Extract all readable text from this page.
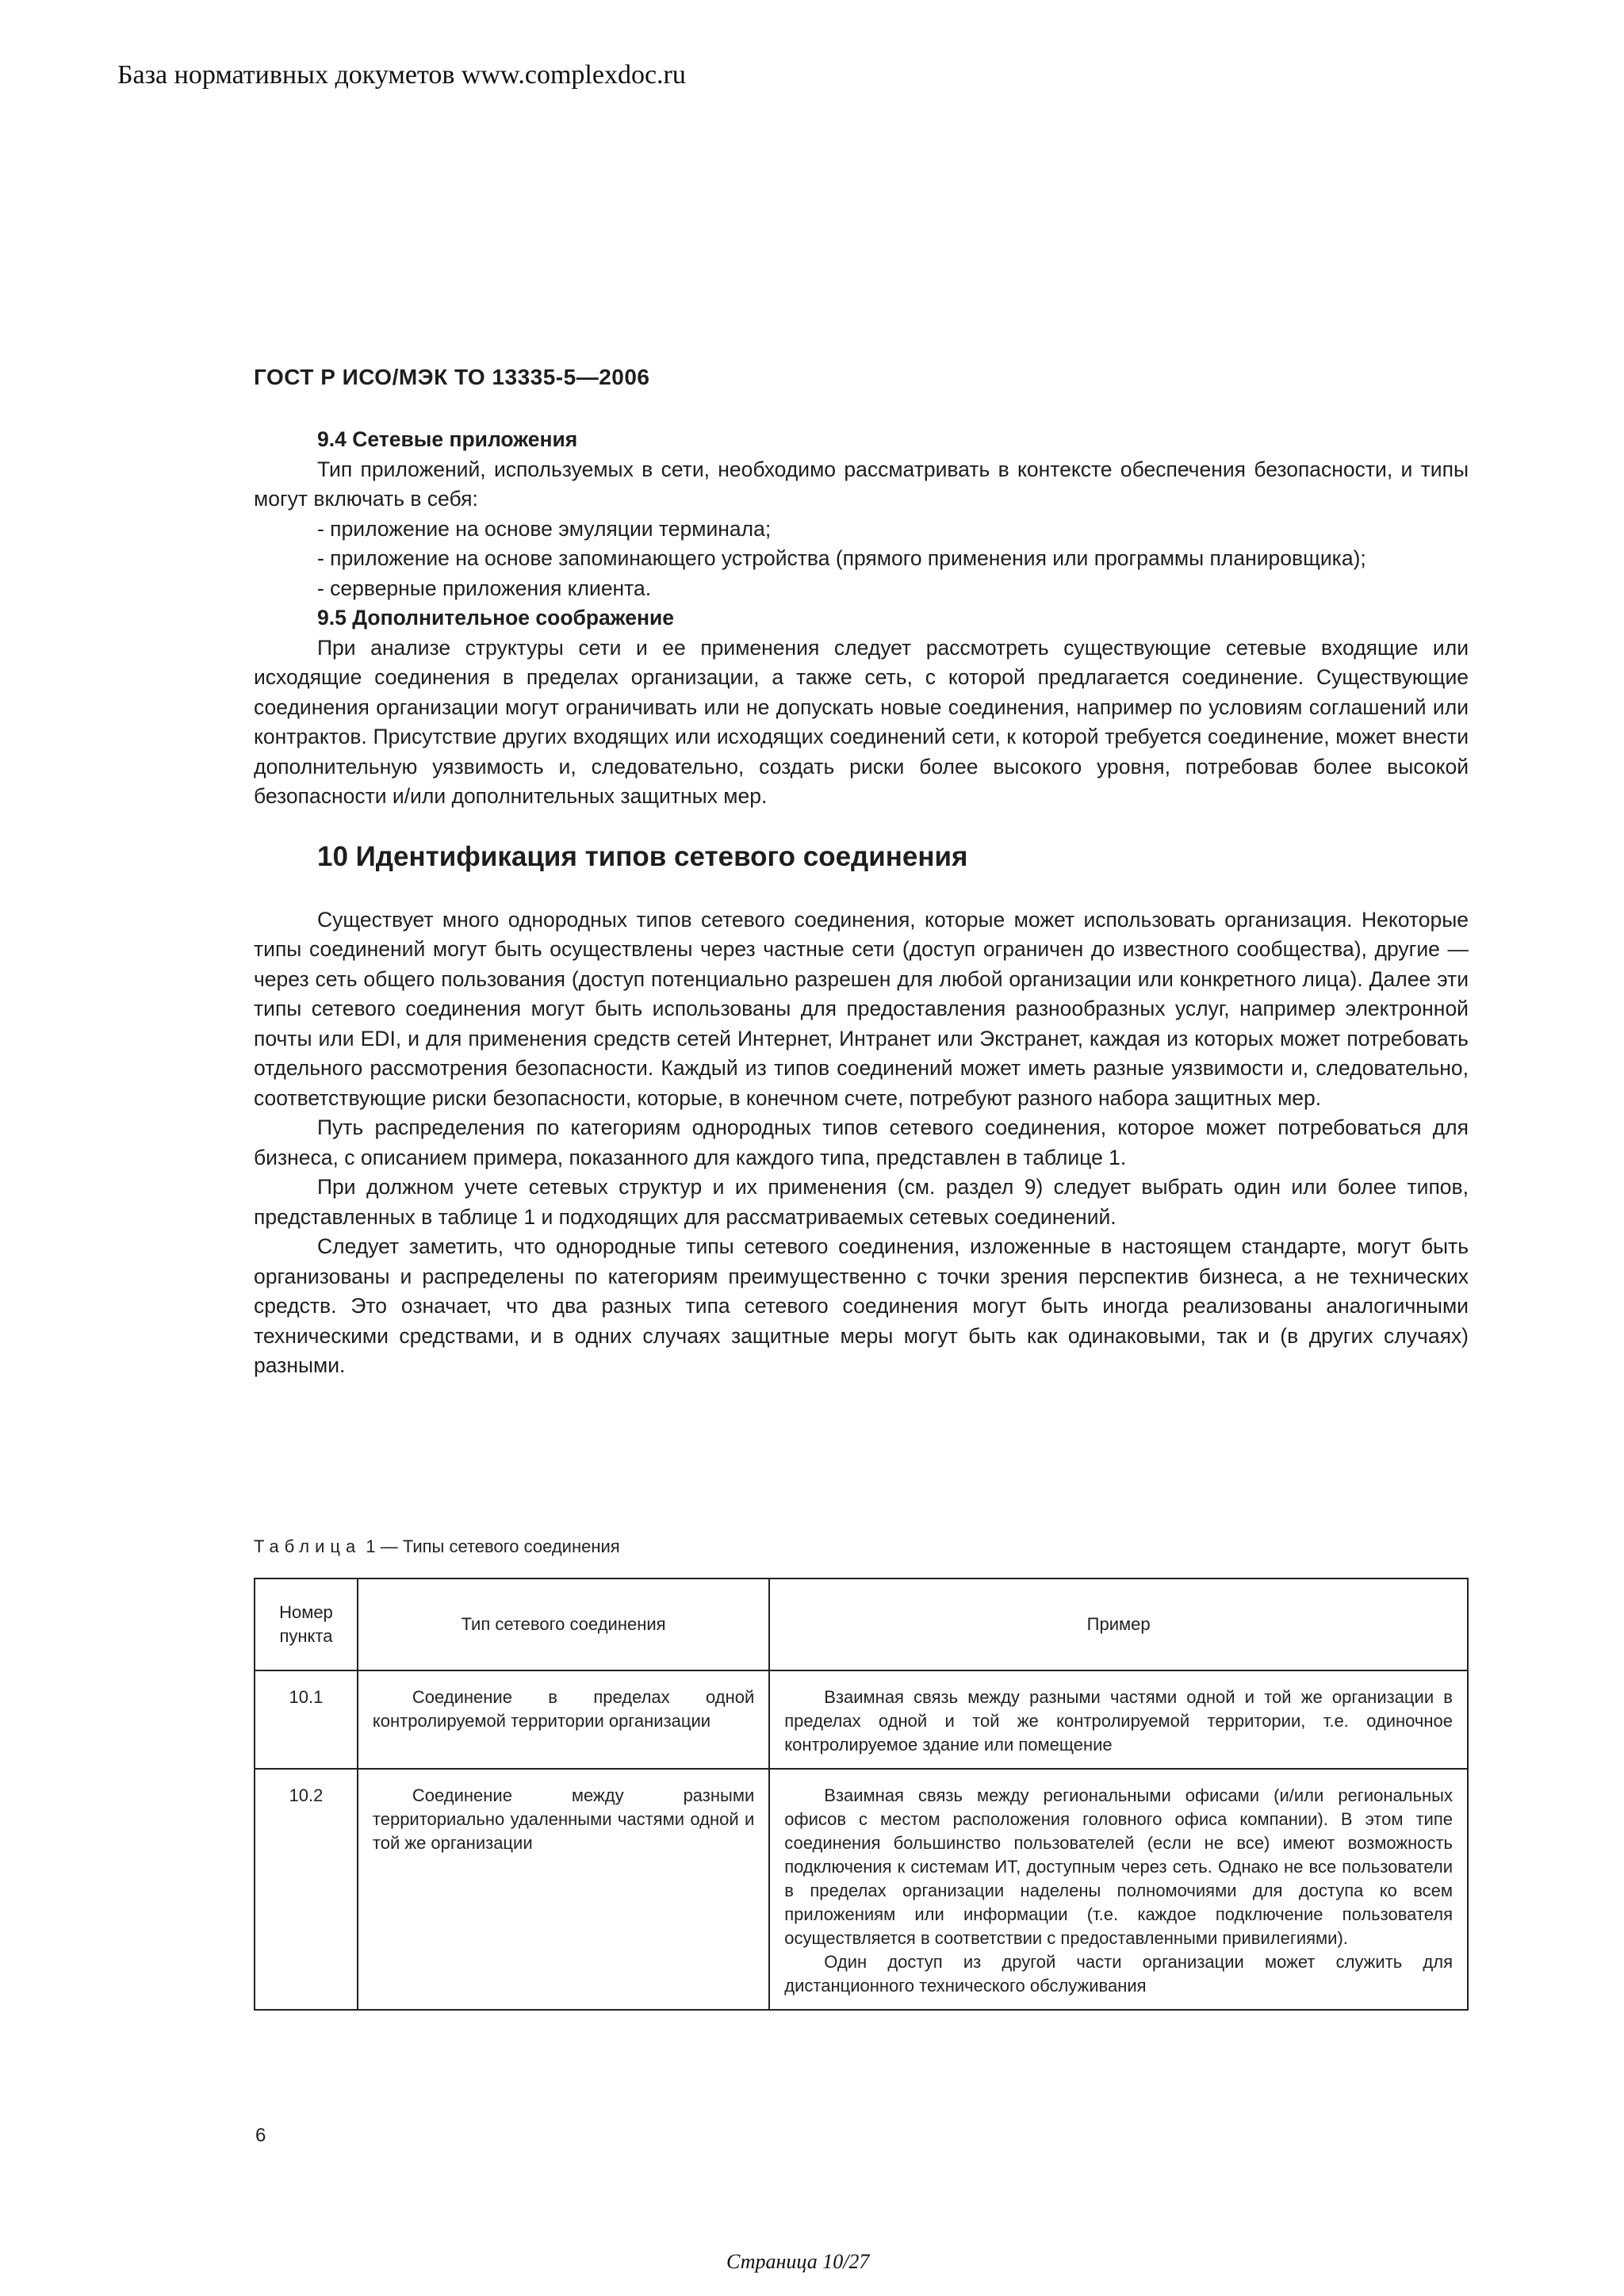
База нормативных докуметов www.complexdoc.ru
ГОСТ Р ИСО/МЭК ТО 13335-5—2006
9.4 Сетевые приложения

Тип приложений, используемых в сети, необходимо рассматривать в контексте обеспечения безопасности, и типы могут включать в себя:

- приложение на основе эмуляции терминала;

- приложение на основе запоминающего устройства (прямого применения или программы планировщика);

- серверные приложения клиента.

9.5 Дополнительное соображение

При анализе структуры сети и ее применения следует рассмотреть существующие сетевые входящие или исходящие соединения в пределах организации, а также сеть, с которой предлагается соединение. Существующие соединения организации могут ограничивать или не допускать новые соединения, например по условиям соглашений или контрактов. Присутствие других входящих или исходящих соединений сети, к которой требуется соединение, может внести дополнительную уязвимость и, следовательно, создать риски более высокого уровня, потребовав более высокой безопасности и/или дополнительных защитных мер.

10 Идентификация типов сетевого соединения

Существует много однородных типов сетевого соединения, которые может использовать организация. Некоторые типы соединений могут быть осуществлены через частные сети (доступ ограничен до известного сообщества), другие — через сеть общего пользования (доступ потенциально разрешен для любой организации или конкретного лица). Далее эти типы сетевого соединения могут быть использованы для предоставления разнообразных услуг, например электронной почты или EDI, и для применения средств сетей Интернет, Интранет или Экстранет, каждая из которых может потребовать отдельного рассмотрения безопасности. Каждый из типов соединений может иметь разные уязвимости и, следовательно, соответствующие риски безопасности, которые, в конечном счете, потребуют разного набора защитных мер.

Путь распределения по категориям однородных типов сетевого соединения, которое может потребоваться для бизнеса, с описанием примера, показанного для каждого типа, представлен в таблице 1.

При должном учете сетевых структур и их применения (см. раздел 9) следует выбрать один или более типов, представленных в таблице 1 и подходящих для рассматриваемых сетевых соединений.

Следует заметить, что однородные типы сетевого соединения, изложенные в настоящем стандарте, могут быть организованы и распределены по категориям преимущественно с точки зрения перспектив бизнеса, а не технических средств. Это означает, что два разных типа сетевого соединения могут быть иногда реализованы аналогичными техническими средствами, и в одних случаях защитные меры могут быть как одинаковыми, так и (в других случаях) разными.

Таблица 1 — Типы сетевого соединения
Номер пункта	Тип сетевого соединения	Пример
10.1	Соединение в пределах одной контролируемой территории организации	Взаимная связь между разными частями одной и той же организации в пределах одной и той же контролируемой территории, т.е. одиночное контролируемое здание или помещение

10.2	Соединение между разными территориально удаленными частями одной и той же организации	Взаимная связь между региональными офисами (и/или региональных офисов с местом расположения головного офиса компании). В этом типе соединения большинство пользователей (если не все) имеют возможность подключения к системам ИТ, доступным через сеть. Однако не все пользователи в пределах организации наделены полномочиями для доступа ко всем приложениям или информации (т.е. каждое подключение пользователя осуществляется в соответствии с предоставленными привилегиями).

Один доступ из другой части организации может служить для дистанционного технического обслуживания

6
Страница 10/27
